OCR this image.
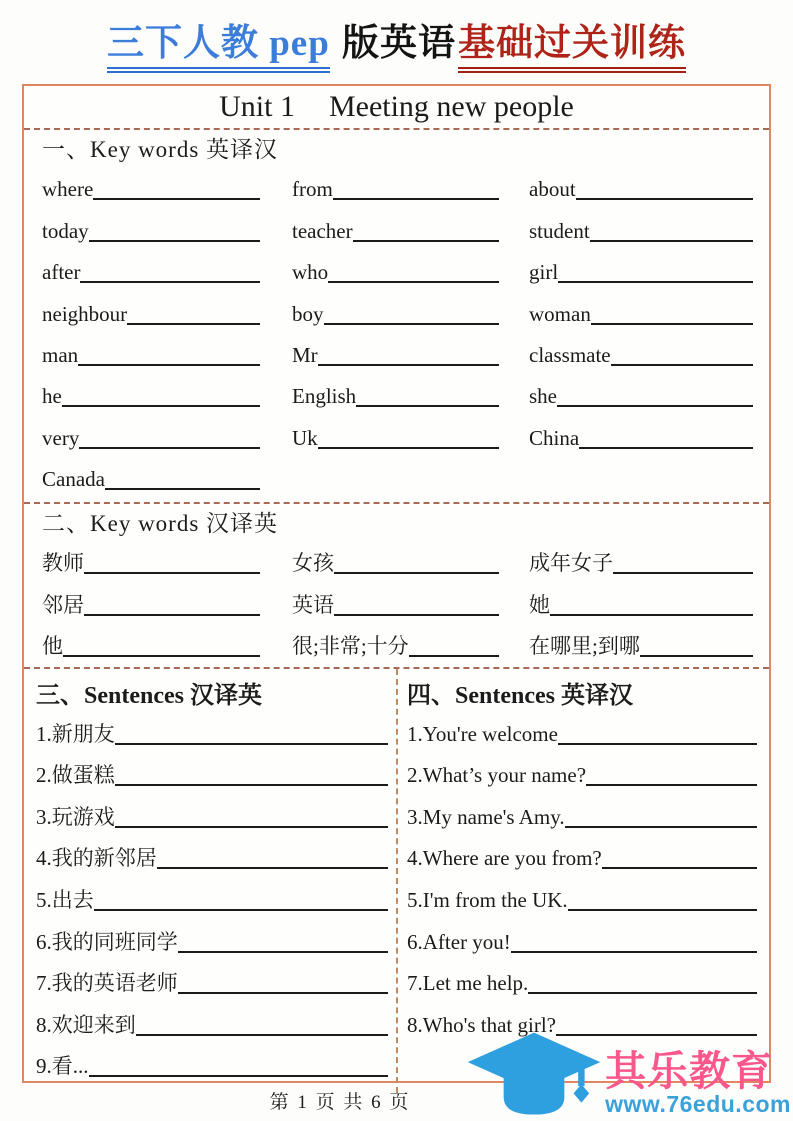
三下人教 pep 版英语基础过关训练
Unit 1 Meeting new people
一、Key words 英译汉
where	from	about
today	teacher	student
after	who	girl
neighbour	boy	woman
man	Mr	classmate
he	English	she
very	Uk	China
Canada
二、Key words 汉译英
教师	女孩	成年女子
邻居	英语	她
他	很;非常;十分	在哪里;到哪
三、Sentences 汉译英
1.新朋友
2.做蛋糕
3.玩游戏
4.我的新邻居
5.出去
6.我的同班同学
7.我的英语老师
8.欢迎来到
9.看...
四、Sentences 英译汉
1.You're welcome
2.What’s your name?
3.My name's Amy.
4.Where are you from?
5.I'm from the UK.
6.After you!
7.Let me help.
8.Who's that girl?
第 1 页 共 6 页
其乐教育
www.76edu.com
